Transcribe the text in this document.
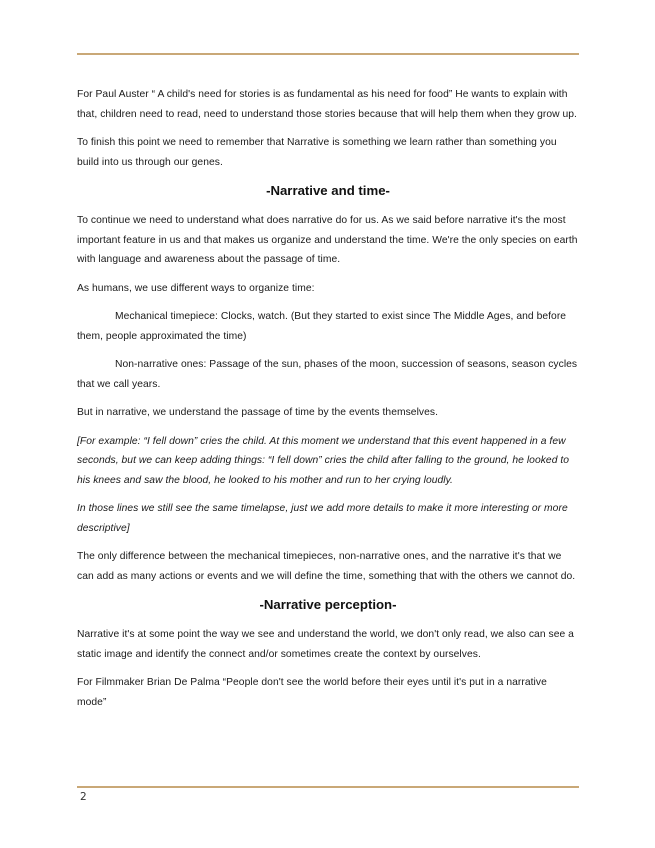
For Paul Auster “ A child's need for stories is as fundamental as his need for food” He wants to explain with that, children need to read, need to understand those stories because that will help them when they grow up.

To finish this point we need to remember that Narrative is something we learn rather than something you build into us through our genes.

-Narrative and time-

To continue we need to understand what does narrative do for us. As we said before narrative it's the most important feature in us and that makes us organize and understand the time. We're the only species on earth with language and awareness about the passage of time.

As humans, we use different ways to organize time:

Mechanical timepiece: Clocks, watch. (But they started to exist since The Middle Ages, and before them, people approximated the time)

Non-narrative ones: Passage of the sun, phases of the moon, succession of seasons, season cycles that we call years.

But in narrative, we understand the passage of time by the events themselves.

[For example: “I fell down” cries the child. At this moment we understand that this event happened in a few seconds, but we can keep adding things: “I fell down” cries the child after falling to the ground, he looked to his knees and saw the blood, he looked to his mother and run to her crying loudly.

In those lines we still see the same timelapse, just we add more details to make it more interesting or more descriptive]

The only difference between the mechanical timepieces, non-narrative ones, and the narrative it's that we can add as many actions or events and we will define the time, something that with the others we cannot do.

-Narrative perception-

Narrative it's at some point the way we see and understand the world, we don't only read, we also can see a static image and identify the connect and/or sometimes create the context by ourselves.

For Filmmaker Brian De Palma “People don't see the world before their eyes until it's put in a narrative mode”

2
